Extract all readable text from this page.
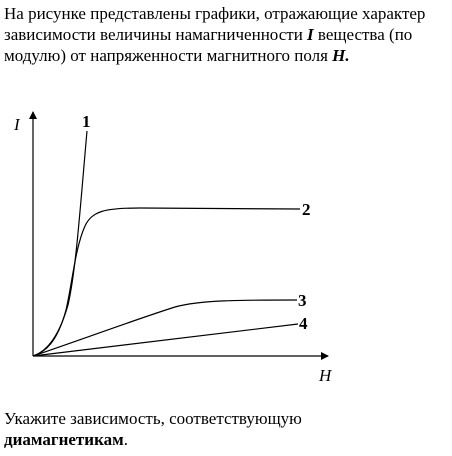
На рисунке представлены графики, отражающие характер зависимости величины намагниченности I вещества (по модулю) от напряженности магнитного поля H.

I
H
1
2
3
4

Укажите зависимость, соответствующую
диамагнетикам.
